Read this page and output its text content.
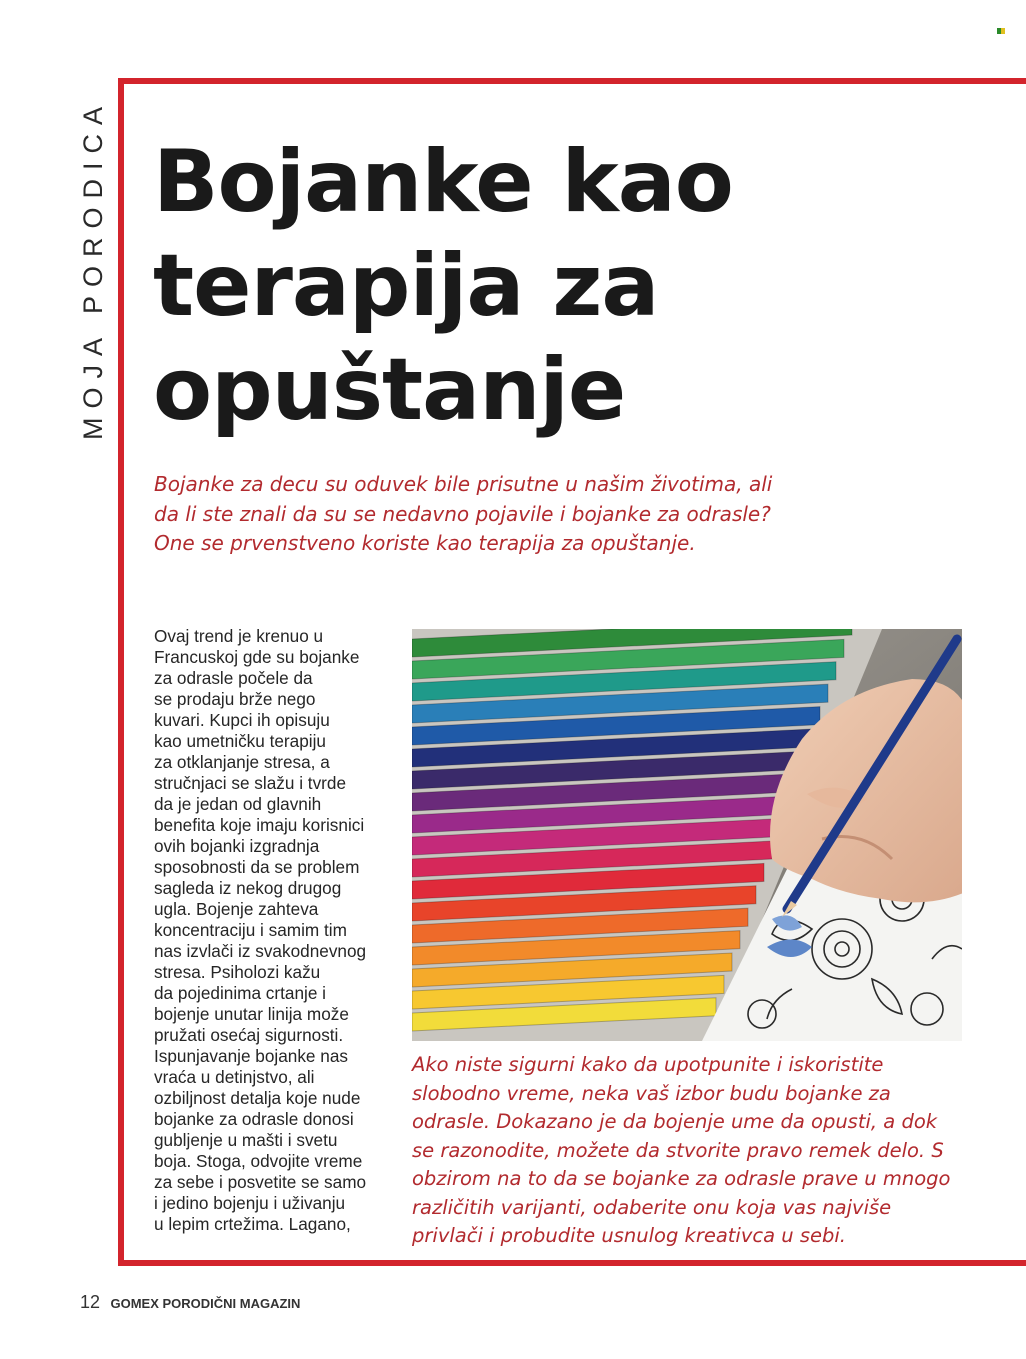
MOJA PORODICA Bojanke kao terapija za opuštanje

Bojanke za decu su oduvek bile prisutne u našim životima, ali da li ste znali da su se nedavno pojavile i bojanke za odrasle? One se prvenstveno koriste kao terapija za opuštanje.

Ovaj trend je krenuo u
Francuskoj gde su bojanke
za odrasle počele da
se prodaju brže nego
kuvari. Kupci ih opisuju
kao umetničku terapiju
za otklanjanje stresa, a
stručnjaci se slažu i tvrde
da je jedan od glavnih
benefita koje imaju korisnici
ovih bojanki izgradnja
sposobnosti da se problem
sagleda iz nekog drugog
ugla. Bojenje zahteva
koncentraciju i samim tim
nas izvlači iz svakodnevnog
stresa. Psiholozi kažu
da pojedinima crtanje i
bojenje unutar linija može
pružati osećaj sigurnosti.
Ispunjavanje bojanke nas
vraća u detinjstvo, ali
ozbiljnost detalja koje nude
bojanke za odrasle donosi
gubljenje u mašti i svetu
boja. Stoga, odvojite vreme
za sebe i posvetite se samo
i jedino bojenju i uživanju
u lepim crtežima. Lagano,
Ako niste sigurni kako da upotpunite i iskoristite
slobodno vreme, neka vaš izbor budu bojanke za
odrasle. Dokazano je da bojenje ume da opusti, a dok
se razonodite, možete da stvorite pravo remek delo. S
obzirom na to da se bojanke za odrasle prave u mnogo
različitih varijanti, odaberite onu koja vas najviše
privlači i probudite usnulog kreativca u sebi.
12 GOMEX PORODIČNI MAGAZIN
